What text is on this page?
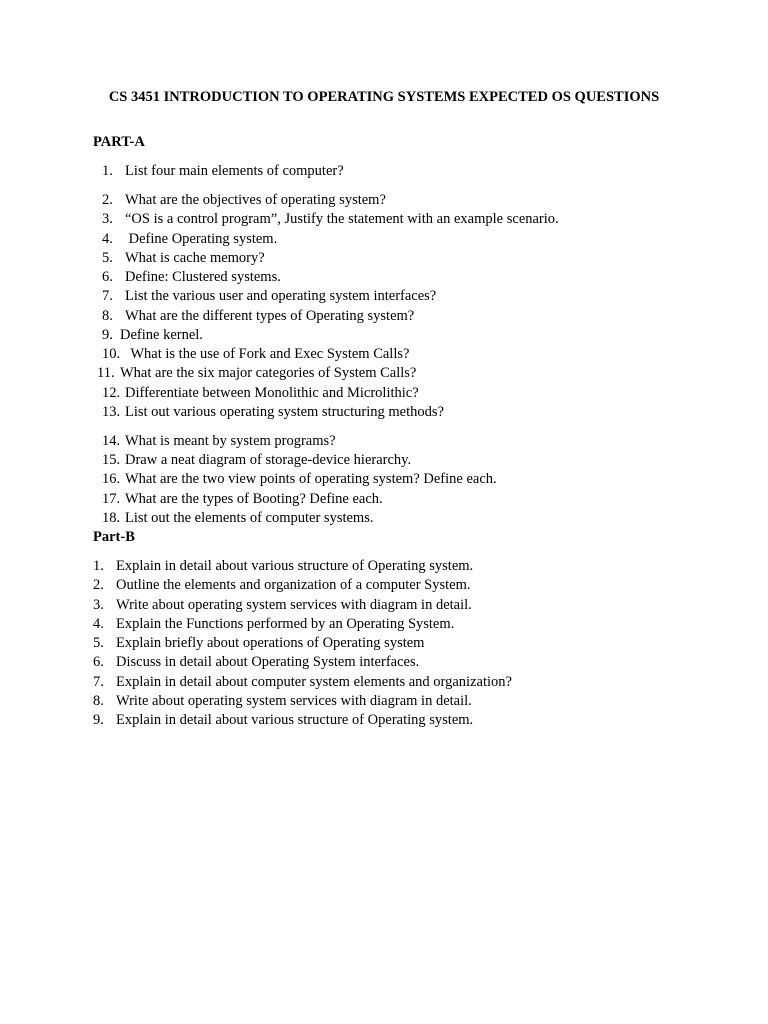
CS 3451 INTRODUCTION TO OPERATING SYSTEMS EXPECTED OS QUESTIONS
PART-A
1. List four main elements of computer?
2. What are the objectives of operating system?
3. “OS is a control program”, Justify the statement with an example scenario.
4. Define Operating system.
5. What is cache memory?
6. Define: Clustered systems.
7. List the various user and operating system interfaces?
8. What are the different types of Operating system?
9. Define kernel.
10. What is the use of Fork and Exec System Calls?
11. What are the six major categories of System Calls?
12. Differentiate between Monolithic and Microlithic?
13. List out various operating system structuring methods?
14. What is meant by system programs?
15. Draw a neat diagram of storage-device hierarchy.
16. What are the two view points of operating system? Define each.
17. What are the types of Booting? Define each.
18. List out the elements of computer systems.
Part-B
1. Explain in detail about various structure of Operating system.
2. Outline the elements and organization of a computer System.
3. Write about operating system services with diagram in detail.
4. Explain the Functions performed by an Operating System.
5. Explain briefly about operations of Operating system
6. Discuss in detail about Operating System interfaces.
7. Explain in detail about computer system elements and organization?
8. Write about operating system services with diagram in detail.
9. Explain in detail about various structure of Operating system.
